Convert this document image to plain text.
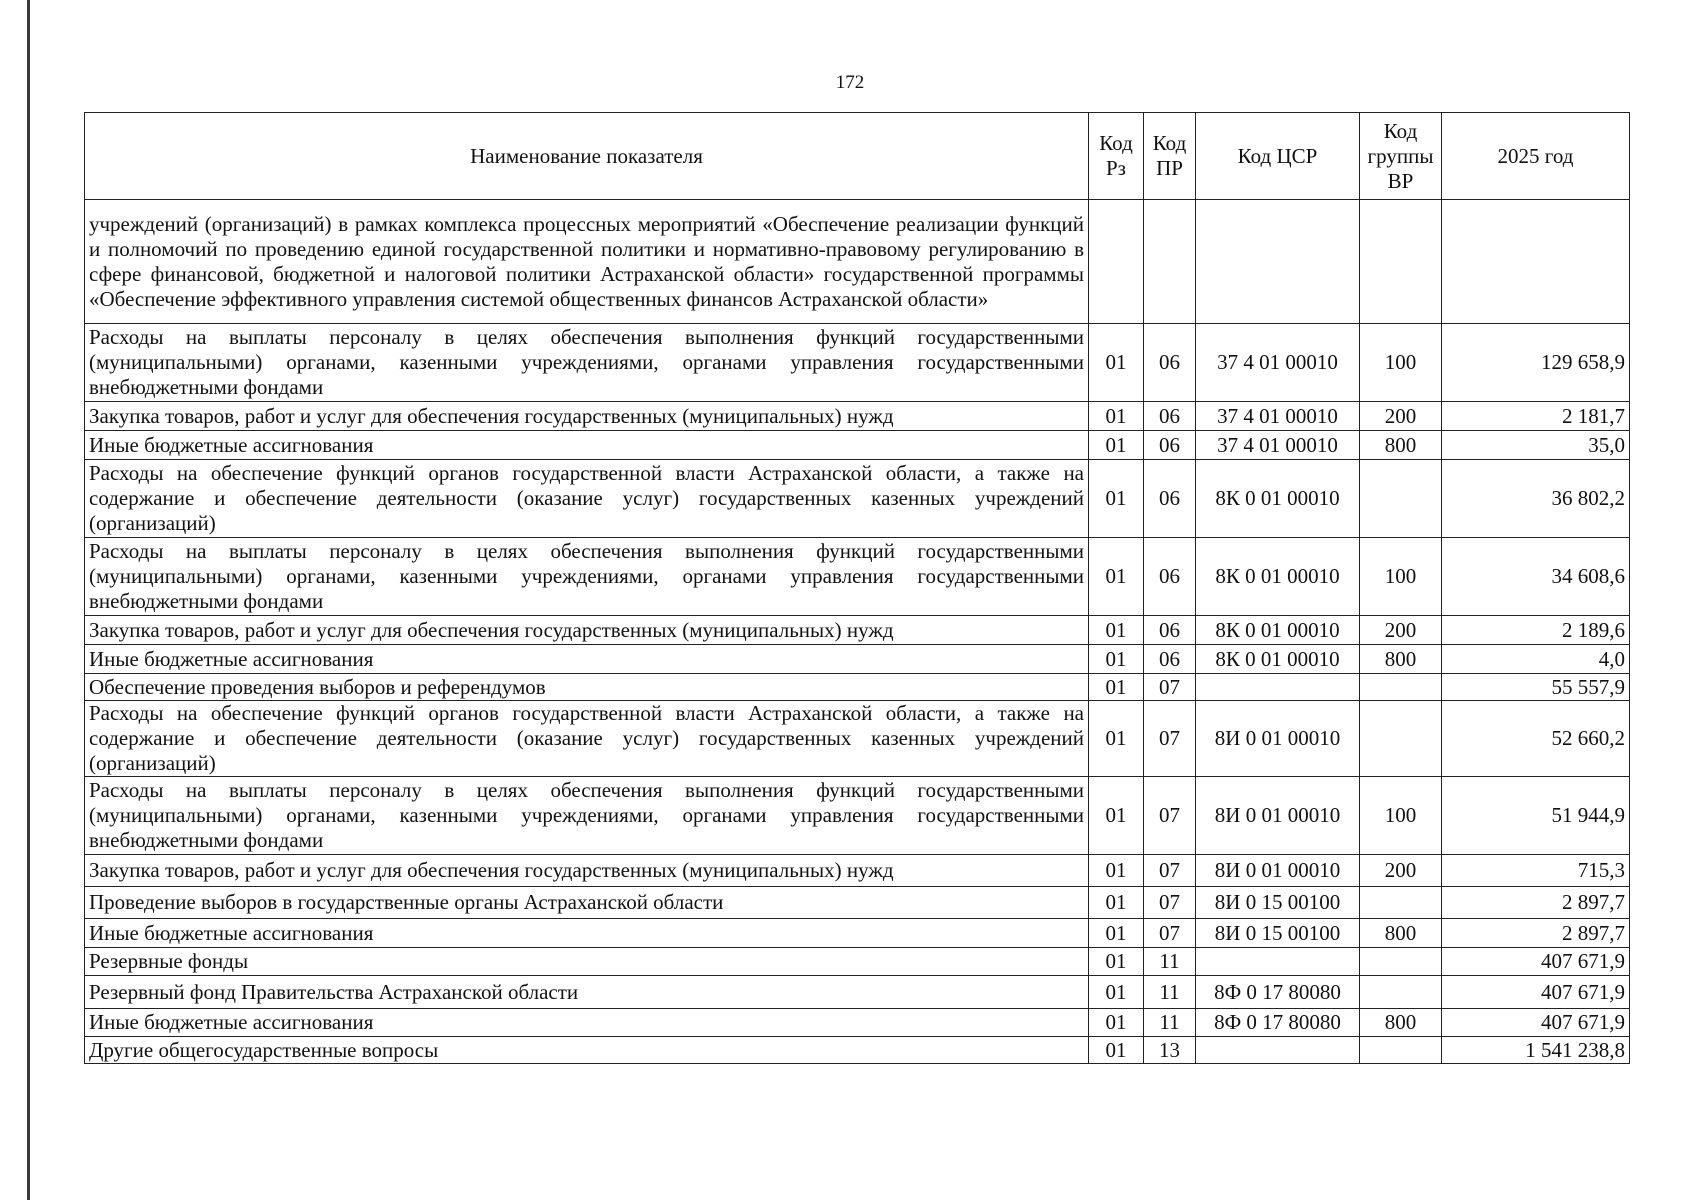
172
Наименование показателя	Код Рз	Код ПР	Код ЦСР	Код группы ВР	2025 год
учреждений (организаций) в рамках комплекса процессных мероприятий «Обеспечение реализации функций и полномочий по проведению единой государственной политики и нормативно-правовому регулированию в сфере финансовой, бюджетной и налоговой политики Астраханской области» государственной программы «Обеспечение эффективного управления системой общественных финансов Астраханской области»					
Расходы на выплаты персоналу в целях обеспечения выполнения функций государственными (муниципальными) органами, казенными учреждениями, органами управления государственными внебюджетными фондами	01	06	37 4 01 00010	100	129 658,9
Закупка товаров, работ и услуг для обеспечения государственных (муниципальных) нужд	01	06	37 4 01 00010	200	2 181,7
Иные бюджетные ассигнования	01	06	37 4 01 00010	800	35,0
Расходы на обеспечение функций органов государственной власти Астраханской области, а также на содержание и обеспечение деятельности (оказание услуг) государственных казенных учреждений (организаций)	01	06	8К 0 01 00010		36 802,2
Расходы на выплаты персоналу в целях обеспечения выполнения функций государственными (муниципальными) органами, казенными учреждениями, органами управления государственными внебюджетными фондами	01	06	8К 0 01 00010	100	34 608,6
Закупка товаров, работ и услуг для обеспечения государственных (муниципальных) нужд	01	06	8К 0 01 00010	200	2 189,6
Иные бюджетные ассигнования	01	06	8К 0 01 00010	800	4,0
Обеспечение проведения выборов и референдумов	01	07			55 557,9
Расходы на обеспечение функций органов государственной власти Астраханской области, а также на содержание и обеспечение деятельности (оказание услуг) государственных казенных учреждений (организаций)	01	07	8И 0 01 00010		52 660,2
Расходы на выплаты персоналу в целях обеспечения выполнения функций государственными (муниципальными) органами, казенными учреждениями, органами управления государственными внебюджетными фондами	01	07	8И 0 01 00010	100	51 944,9
Закупка товаров, работ и услуг для обеспечения государственных (муниципальных) нужд	01	07	8И 0 01 00010	200	715,3
Проведение выборов в государственные органы Астраханской области	01	07	8И 0 15 00100		2 897,7
Иные бюджетные ассигнования	01	07	8И 0 15 00100	800	2 897,7
Резервные фонды	01	11			407 671,9
Резервный фонд Правительства Астраханской области	01	11	8Ф 0 17 80080		407 671,9
Иные бюджетные ассигнования	01	11	8Ф 0 17 80080	800	407 671,9
Другие общегосударственные вопросы	01	13			1 541 238,8
